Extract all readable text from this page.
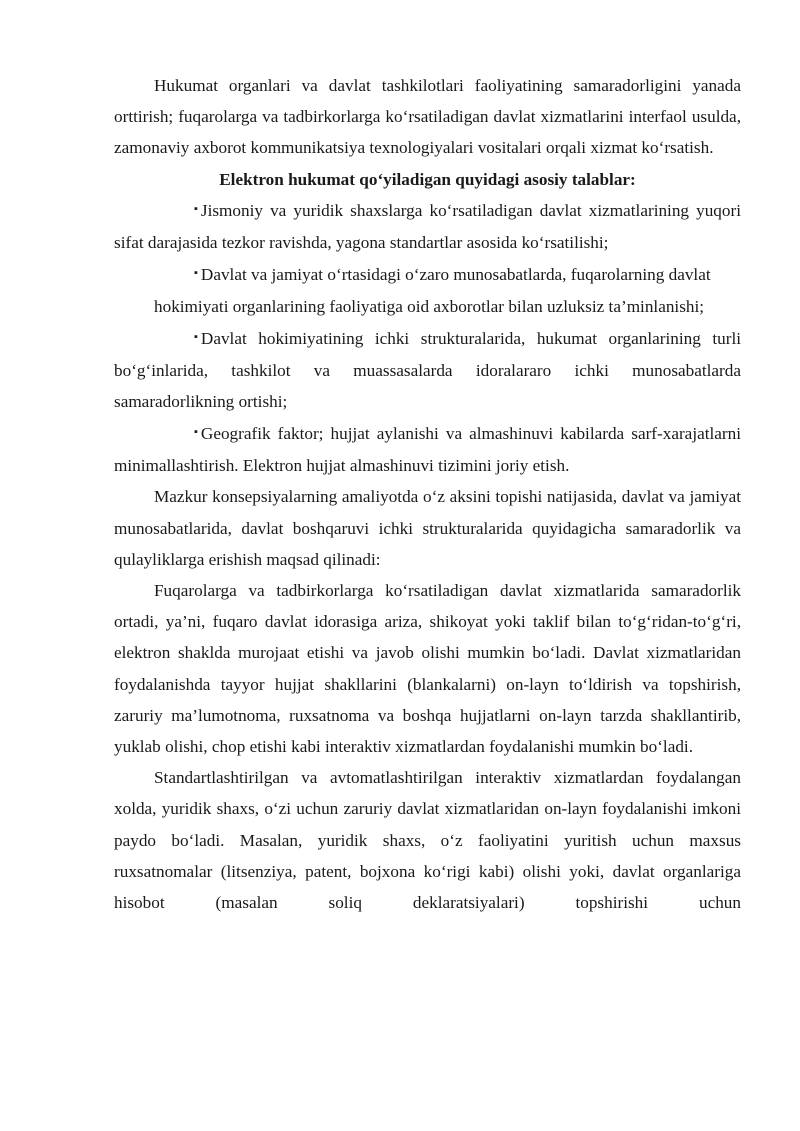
Hukumat organlari va davlat tashkilotlari faoliyatining samaradorligini yanada orttirish; fuqarolarga va tadbirkorlarga ko‘rsatiladigan davlat xizmatlarini interfaol usulda, zamonaviy axborot kommunikatsiya texnologiyalari vositalari orqali xizmat ko‘rsatish.

Elektron hukumat qo‘yiladigan quyidagi asosiy talablar:

▪ Jismoniy va yuridik shaxslarga ko‘rsatiladigan davlat xizmatlarining yuqori sifat darajasida tezkor ravishda, yagona standartlar asosida ko‘rsatilishi;

▪ Davlat va jamiyat o‘rtasidagi o‘zaro munosabatlarda, fuqarolarning davlat

hokimiyati organlarining faoliyatiga oid axborotlar bilan uzluksiz ta’minlanishi;

▪ Davlat hokimiyatining ichki strukturalarida, hukumat organlarining turli bo‘g‘inlarida, tashkilot va muassasalarda idoralararo ichki munosabatlarda samaradorlikning ortishi;

▪ Geografik faktor; hujjat aylanishi va almashinuvi kabilarda sarf-xarajatlarni minimallashtirish. Elektron hujjat almashinuvi tizimini joriy etish.

Mazkur konsepsiyalarning amaliyotda o‘z aksini topishi natijasida, davlat va jamiyat munosabatlarida, davlat boshqaruvi ichki strukturalarida quyidagicha samaradorlik va qulayliklarga erishish maqsad qilinadi:

Fuqarolarga va tadbirkorlarga ko‘rsatiladigan davlat xizmatlarida samaradorlik ortadi, ya’ni, fuqaro davlat idorasiga ariza, shikoyat yoki taklif bilan to‘g‘ridan-to‘g‘ri, elektron shaklda murojaat etishi va javob olishi mumkin bo‘ladi. Davlat xizmatlaridan foydalanishda tayyor hujjat shakllarini (blankalarni) on-layn to‘ldirish va topshirish, zaruriy ma’lumotnoma, ruxsatnoma va boshqa hujjatlarni on-layn tarzda shakllantirib, yuklab olishi, chop etishi kabi interaktiv xizmatlardan foydalanishi mumkin bo‘ladi.

Standartlashtirilgan va avtomatlashtirilgan interaktiv xizmatlardan foydalangan xolda, yuridik shaxs, o‘zi uchun zaruriy davlat xizmatlaridan on-layn foydalanishi imkoni paydo bo‘ladi. Masalan, yuridik shaxs, o‘z faoliyatini yuritish uchun maxsus ruxsatnomalar (litsenziya, patent, bojxona ko‘rigi kabi) olishi yoki, davlat organlariga hisobot (masalan soliq deklaratsiyalari) topshirishi uchun
